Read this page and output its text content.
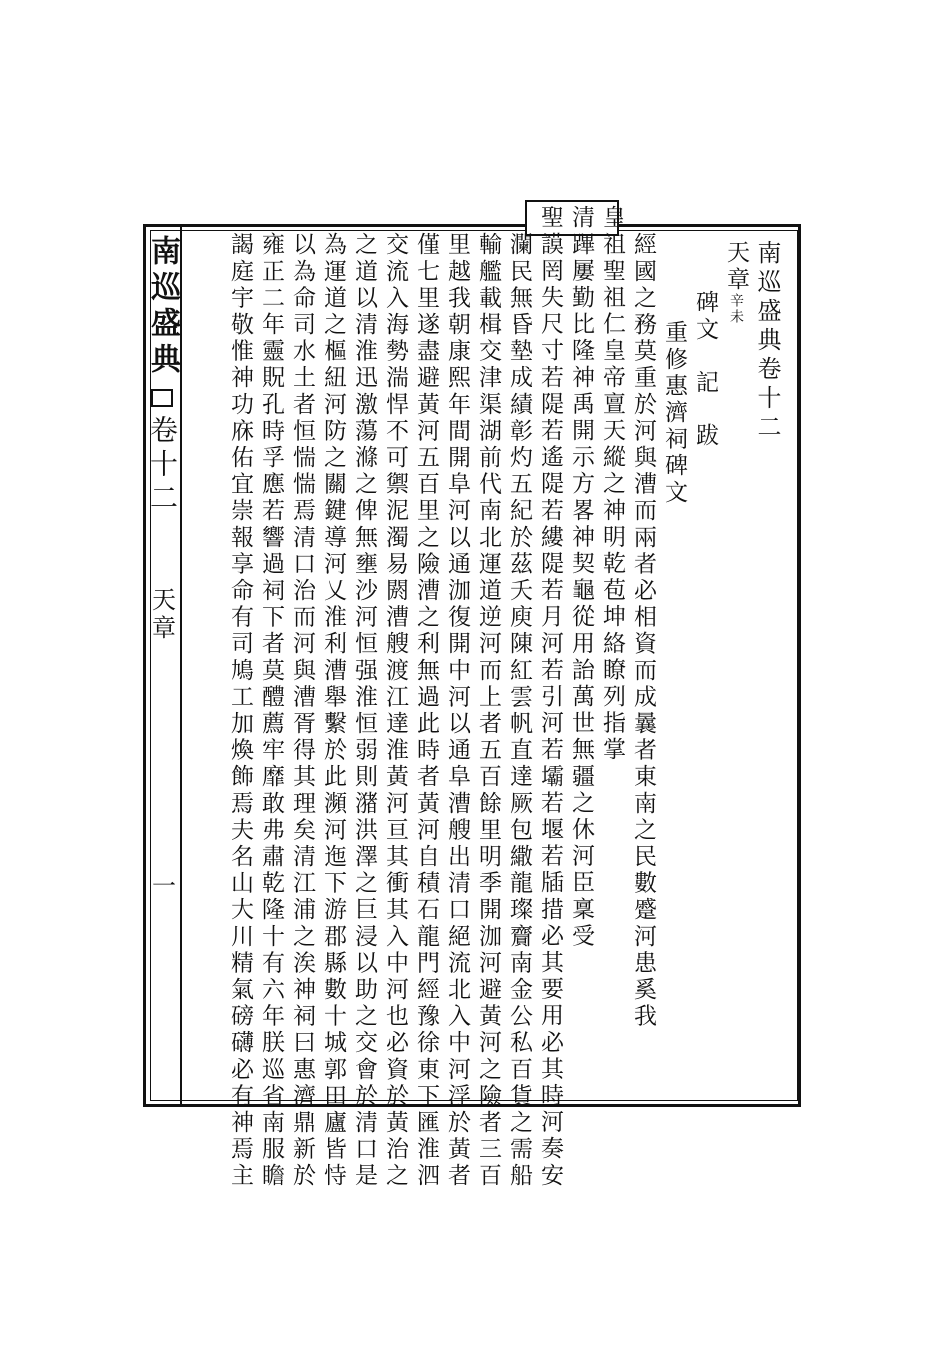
南巡盛典
卷十二
天章
一
南巡盛典卷十二
天章辛未
碑文　記　跋
重修惠濟祠碑文
經國之務莫重於河與漕而兩者必相資而成曩者東南之民數蹙河患奚我
皇祖聖祖仁皇帝亶天縱之神明乾苞坤絡瞭列指掌
清蹕屢勤比隆神禹開示方畧神契龜從用詒萬世無疆之休河臣稟受
聖謨罔失尺寸若隄若遙隄若縷隄若月河若引河若壩若堰若牐措必其要用必其時河奏安
瀾民無昏墊成績彰灼五紀於茲夭庾陳紅雲帆直達厥包繖龍璨齎南金公私百貨之需船
輸艦載楫交津渠湖前代南北運道逆河而上者五百餘里明季開泇河避黃河之險者三百
里越我朝康熙年間開阜河以通泇復開中河以通阜漕艘出清口絕流北入中河浮於黃者
僅七里遂盡避黃河五百里之險漕之利無過此時者黃河自積石龍門經豫徐東下匯淮泗
交流入海勢湍悍不可禦泥濁易閼漕艘渡江達淮黃河亘其衝其入中河也必資於黃治之
之道以清淮迅激蕩滌之俾無壅沙河恒强淮恒弱則潴洪澤之巨浸以助之交會於清口是
為運道之樞紐河防之關鍵導河乂淮利漕舉繫於此瀕河迤下游郡縣數十城郭田廬皆恃
以為命司水土者恒惴惴焉清口治而河與漕胥得其理矣清江浦之涘神祠曰惠濟鼎新於
雍正二年靈貺孔時孚應若響過祠下者莫醴薦牢靡敢弗肅乾隆十有六年朕巡省南服瞻
謁庭宇敬惟神功庥佑宜崇報享命有司鳩工加煥飾焉夫名山大川精氣磅礴必有神焉主
